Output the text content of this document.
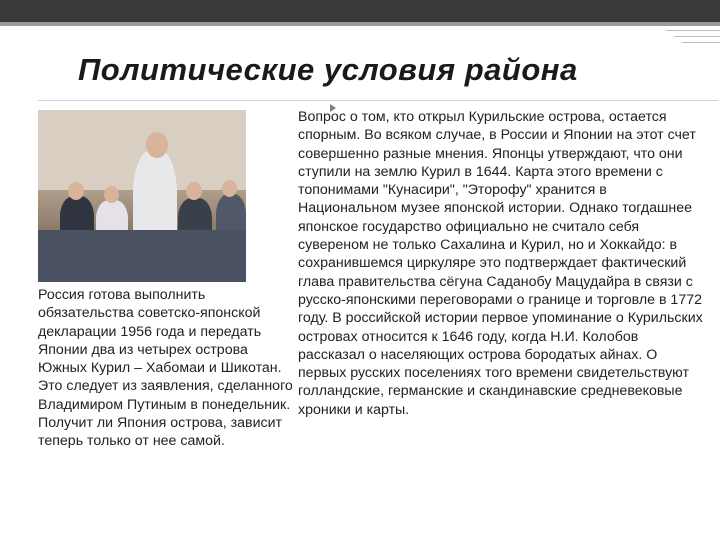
Политические условия района

Россия готова выполнить обязательства советско-японской декларации 1956 года и передать Японии два из четырех острова Южных Курил – Хабомаи и Шикотан. Это следует из заявления, сделанного Владимиром Путиным в понедельник. Получит ли Япония острова, зависит теперь только от нее самой.

Вопрос о том, кто открыл Курильские острова, остается спорным. Во всяком случае, в России и Японии на этот счет совершенно разные мнения. Японцы утверждают, что они ступили на землю Курил в 1644. Карта этого времени с топонимами "Кунасири", "Эторофу" хранится в Национальном музее японской истории. Однако тогдашнее японское государство официально не считало себя сувереном не только Сахалина и Курил, но и Хоккайдо: в сохранившемся циркуляре это подтверждает фактический глава правительства сёгуна Саданобу Мацудайра в связи с русско-японскими переговорами о границе и торговле в 1772 году. В российской истории первое упоминание о Курильских островах относится к 1646 году, когда Н.И. Колобов рассказал о населяющих острова бородатых айнах. О первых русских поселениях того времени свидетельствуют голландские, германские и скандинавские средневековые хроники и карты.
